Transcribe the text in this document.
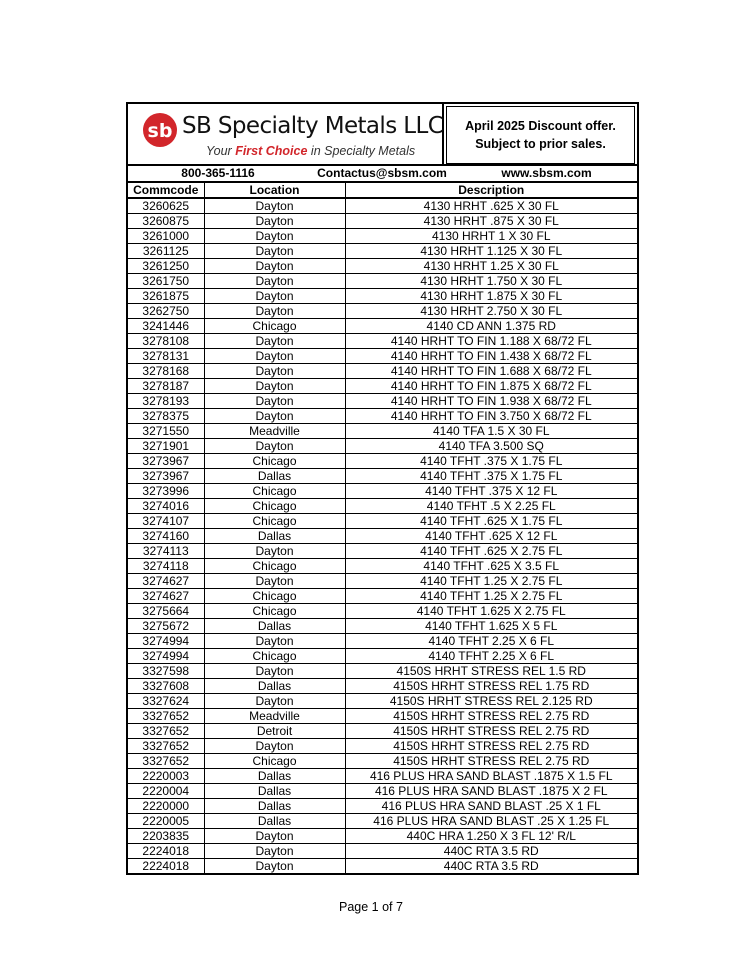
sb SB Specialty Metals LLC
Your First Choice in Specialty Metals
April 2025 Discount offer.
Subject to prior sales.
800-365-1116	Contactus@sbsm.com	www.sbsm.com
Commcode	Location	Description
3260625	Dayton	4130 HRHT .625 X 30 FL
3260875	Dayton	4130 HRHT .875 X 30 FL
3261000	Dayton	4130 HRHT 1 X 30 FL
3261125	Dayton	4130 HRHT 1.125 X 30 FL
3261250	Dayton	4130 HRHT 1.25 X 30 FL
3261750	Dayton	4130 HRHT 1.750 X 30 FL
3261875	Dayton	4130 HRHT 1.875 X 30 FL
3262750	Dayton	4130 HRHT 2.750 X 30 FL
3241446	Chicago	4140 CD ANN 1.375 RD
3278108	Dayton	4140 HRHT TO FIN 1.188 X 68/72 FL
3278131	Dayton	4140 HRHT TO FIN 1.438 X 68/72 FL
3278168	Dayton	4140 HRHT TO FIN 1.688 X 68/72 FL
3278187	Dayton	4140 HRHT TO FIN 1.875 X 68/72 FL
3278193	Dayton	4140 HRHT TO FIN 1.938 X 68/72 FL
3278375	Dayton	4140 HRHT TO FIN 3.750 X 68/72 FL
3271550	Meadville	4140 TFA 1.5 X 30 FL
3271901	Dayton	4140 TFA 3.500 SQ
3273967	Chicago	4140 TFHT .375 X 1.75 FL
3273967	Dallas	4140 TFHT .375 X 1.75 FL
3273996	Chicago	4140 TFHT .375 X 12 FL
3274016	Chicago	4140 TFHT .5 X 2.25 FL
3274107	Chicago	4140 TFHT .625 X 1.75 FL
3274160	Dallas	4140 TFHT .625 X 12 FL
3274113	Dayton	4140 TFHT .625 X 2.75 FL
3274118	Chicago	4140 TFHT .625 X 3.5 FL
3274627	Dayton	4140 TFHT 1.25 X 2.75 FL
3274627	Chicago	4140 TFHT 1.25 X 2.75 FL
3275664	Chicago	4140 TFHT 1.625 X 2.75 FL
3275672	Dallas	4140 TFHT 1.625 X 5 FL
3274994	Dayton	4140 TFHT 2.25 X 6 FL
3274994	Chicago	4140 TFHT 2.25 X 6 FL
3327598	Dayton	4150S HRHT STRESS REL 1.5 RD
3327608	Dallas	4150S HRHT STRESS REL 1.75 RD
3327624	Dayton	4150S HRHT STRESS REL 2.125 RD
3327652	Meadville	4150S HRHT STRESS REL 2.75 RD
3327652	Detroit	4150S HRHT STRESS REL 2.75 RD
3327652	Dayton	4150S HRHT STRESS REL 2.75 RD
3327652	Chicago	4150S HRHT STRESS REL 2.75 RD
2220003	Dallas	416 PLUS HRA SAND BLAST .1875 X 1.5 FL
2220004	Dallas	416 PLUS HRA SAND BLAST .1875 X 2 FL
2220000	Dallas	416 PLUS HRA SAND BLAST .25 X 1 FL
2220005	Dallas	416 PLUS HRA SAND BLAST .25 X 1.25 FL
2203835	Dayton	440C HRA 1.250 X 3 FL 12' R/L
2224018	Dayton	440C RTA 3.5 RD
2224018	Dayton	440C RTA 3.5 RD
Page 1 of 7
